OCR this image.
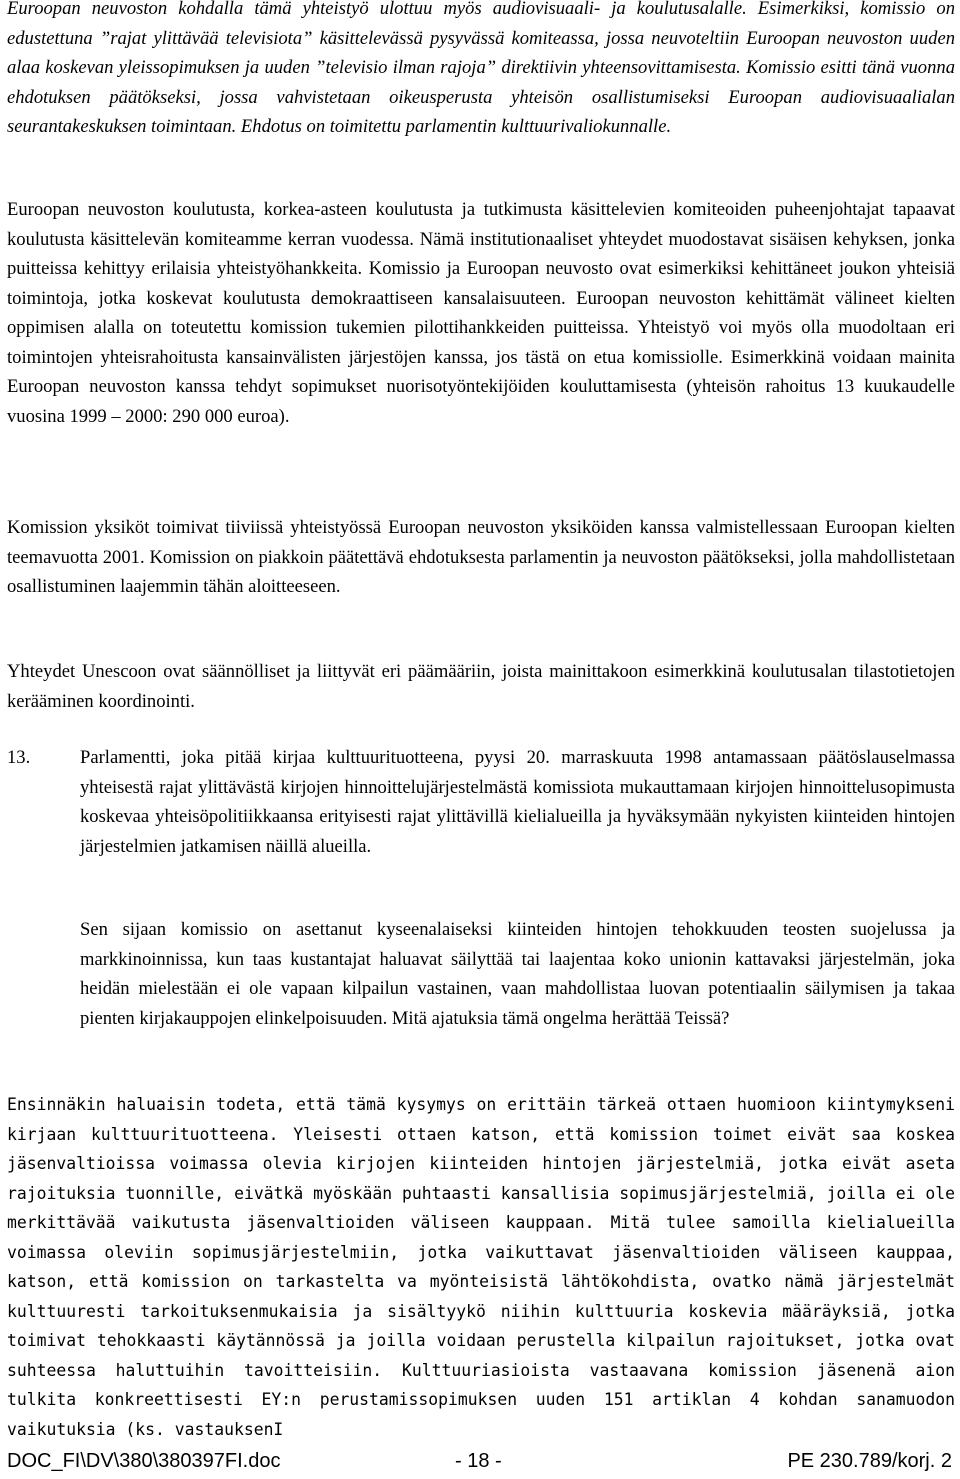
Euroopan neuvoston kohdalla tämä yhteistyö ulottuu myös audiovisuaali- ja koulutusalalle. Esimerkiksi, komissio on edustettuna ”rajat ylittävää televisiota” käsittelevässä pysyvässä komiteassa, jossa neuvoteltiin Euroopan neuvoston uuden alaa koskevan yleissopimuksen ja uuden ”televisio ilman rajoja” direktiivin yhteensovittamisesta. Komissio esitti tänä vuonna ehdotuksen päätökseksi, jossa vahvistetaan oikeusperusta yhteisön osallistumiseksi Euroopan audiovisuaalialan seurantakeskuksen toimintaan. Ehdotus on toimitettu parlamentin kulttuurivaliokunnalle.

Euroopan neuvoston koulutusta, korkea-asteen koulutusta ja tutkimusta käsittelevien komiteoiden puheenjohtajat tapaavat koulutusta käsittelevän komiteamme kerran vuodessa. Nämä institutionaaliset yhteydet muodostavat sisäisen kehyksen, jonka puitteissa kehittyy erilaisia yhteistyöhankkeita. Komissio ja Euroopan neuvosto ovat esimerkiksi kehittäneet joukon yhteisiä toimintoja, jotka koskevat koulutusta demokraattiseen kansalaisuuteen. Euroopan neuvoston kehittämät välineet kielten oppimisen alalla on toteutettu komission tukemien pilottihankkeiden puitteissa. Yhteistyö voi myös olla muodoltaan eri toimintojen yhteisrahoitusta kansainvälisten järjestöjen kanssa, jos tästä on etua komissiolle. Esimerkkinä voidaan mainita Euroopan neuvoston kanssa tehdyt sopimukset nuorisotyöntekijöiden kouluttamisesta (yhteisön rahoitus 13 kuukaudelle vuosina 1999 – 2000: 290 000 euroa).

Komission yksiköt toimivat tiiviissä yhteistyössä Euroopan neuvoston yksiköiden kanssa valmistellessaan Euroopan kielten teemavuotta 2001. Komission on piakkoin päätettävä ehdotuksesta parlamentin ja neuvoston päätökseksi, jolla mahdollistetaan osallistuminen laajemmin tähän aloitteeseen.

Yhteydet Unescoon ovat säännölliset ja liittyvät eri päämääriin, joista mainittakoon esimerkkinä koulutusalan tilastotietojen kerääminen koordinointi.

13.	Parlamentti, joka pitää kirjaa kulttuurituotteena, pyysi 20. marraskuuta 1998 antamassaan päätöslauselmassa yhteisestä rajat ylittävästä kirjojen hinnoittelujärjestelmästä komissiota mukauttamaan kirjojen hinnoittelusopimusta koskevaa yhteisöpolitiikkaansa erityisesti rajat ylittävillä kielialueilla ja hyväksymään nykyisten kiinteiden hintojen järjestelmien jatkamisen näillä alueilla.

Sen sijaan komissio on asettanut kyseenalaiseksi kiinteiden hintojen tehokkuuden teosten suojelussa ja markkinoinnissa, kun taas kustantajat haluavat säilyttää tai laajentaa koko unionin kattavaksi järjestelmän, joka heidän mielestään ei ole vapaan kilpailun vastainen, vaan mahdollistaa luovan potentiaalin säilymisen ja takaa pienten kirjakauppojen elinkelpoisuuden. Mitä ajatuksia tämä ongelma herättää Teissä?

Ensinnäkin haluaisin todeta, että tämä kysymys on erittäin tärkeä ottaen huomioon kiintymykseni kirjaan kulttuurituotteena. Yleisesti ottaen katson, että komission toimet eivät saa koskea jäsenvaltioissa voimassa olevia kirjojen kiinteiden hintojen järjestelmiä, jotka eivät aseta rajoituksia tuonnille, eivätkä myöskään puhtaasti kansallisia sopimusjärjestelmiä, joilla ei ole merkittävää vaikutusta jäsenvaltioiden väliseen kauppaan. Mitä tulee samoilla kielialueilla voimassa oleviin sopimusjärjestelmiin, jotka vaikuttavat jäsenvaltioiden väliseen kauppaa, katson, että komission on tarkastelta va myönteisistä lähtökohdista, ovatko nämä järjestelmät kulttuuresti tarkoituksenmukaisia ja sisältyykö niihin kulttuuria koskevia määräyksiä, jotka toimivat tehokkaasti käytännössä ja joilla voidaan perustella kilpailun rajoitukset, jotka ovat suhteessa haluttuihin tavoitteisiin. Kulttuuriasioista vastaavana komission jäsenenä aion tulkita konkreettisesti EY:n perustamissopimuksen uuden 151 artiklan 4 kohdan sanamuodon vaikutuksia (ks. vastauksenI

DOC_FI\DV\380\380397FI.doc	- 18 -	PE 230.789/korj. 2
